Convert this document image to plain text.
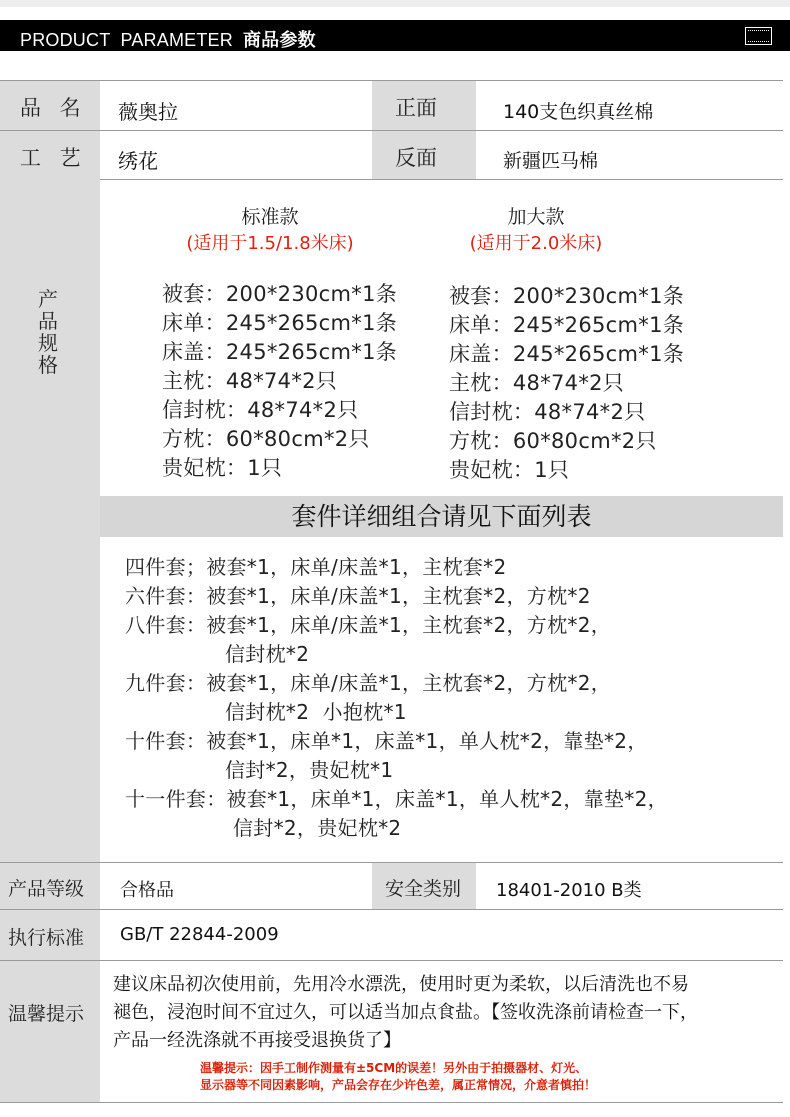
PRODUCT  PARAMETER 商品参数
品 名 薇奥拉	正面	140支色织真丝棉
工 艺 绣花	反面	新疆匹马棉
产品规格
标准款
(适用于1.5/1.8米床)
被套：200*230cm*1条
床单：245*265cm*1条
床盖：245*265cm*1条
主枕：48*74*2只
信封枕：48*74*2只
方枕：60*80cm*2只
贵妃枕：1只
加大款
(适用于2.0米床)
被套：200*230cm*1条
床单：245*265cm*1条
床盖：245*265cm*1条
主枕：48*74*2只
信封枕：48*74*2只
方枕：60*80cm*2只
贵妃枕：1只
套件详细组合请见下面列表
四件套；被套*1，床单/床盖*1，主枕套*2
六件套：被套*1，床单/床盖*1，主枕套*2，方枕*2
八件套：被套*1，床单/床盖*1，主枕套*2，方枕*2，
信封枕*2
九件套：被套*1，床单/床盖*1，主枕套*2，方枕*2，
信封枕*2  小抱枕*1
十件套：被套*1，床单*1，床盖*1，单人枕*2，靠垫*2，
信封*2，贵妃枕*1
十一件套：被套*1，床单*1，床盖*1，单人枕*2，靠垫*2，
信封*2，贵妃枕*2
产品等级 合格品	安全类别 18401-2010 B类
执行标准 GB/T 22844-2009
温馨提示
建议床品初次使用前，先用冷水漂洗，使用时更为柔软，以后清洗也不易
褪色，浸泡时间不宜过久，可以适当加点食盐。【签收洗涤前请检查一下，
产品一经洗涤就不再接受退换货了】
温馨提示：因手工制作测量有±5CM的误差！另外由于拍摄器材、灯光、
显示器等不同因素影响，产品会存在少许色差，属正常情况，介意者慎拍！
